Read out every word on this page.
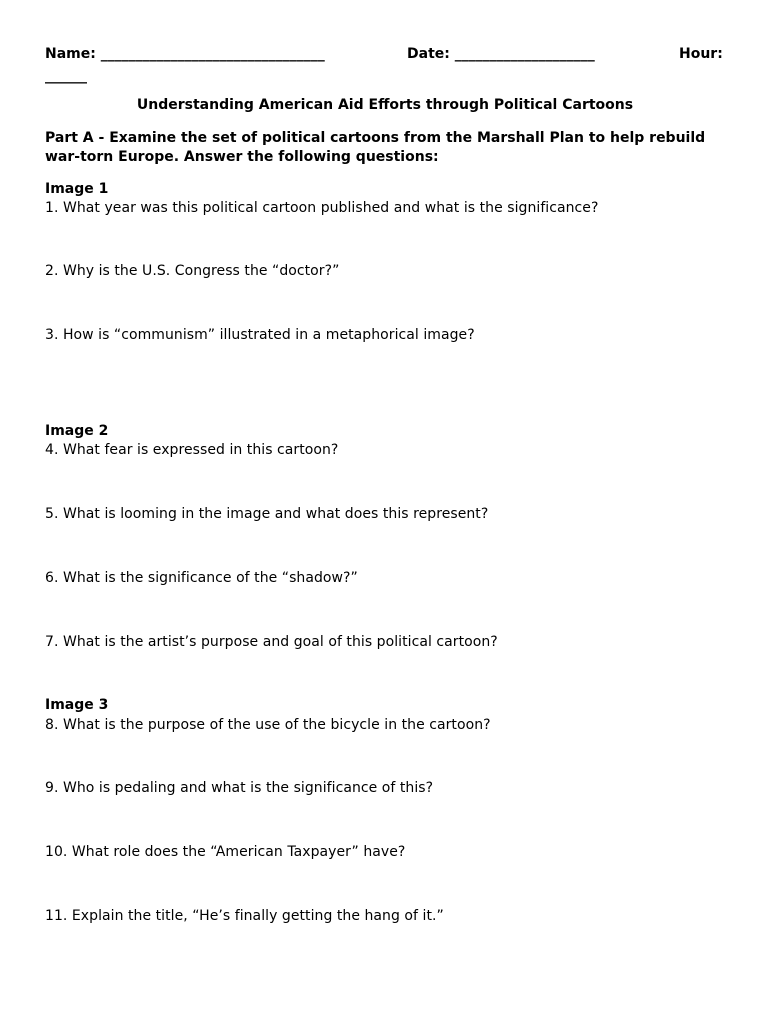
Name: ________________________________	Date: ____________________	Hour:
______
Understanding American Aid Efforts through Political Cartoons
Part A - Examine the set of political cartoons from the Marshall Plan to help rebuild war-torn Europe. Answer the following questions:
Image 1
1. What year was this political cartoon published and what is the significance?
2. Why is the U.S. Congress the “doctor?”
3. How is “communism” illustrated in a metaphorical image?
Image 2
4. What fear is expressed in this cartoon?
5. What is looming in the image and what does this represent?
6. What is the significance of the “shadow?”
7. What is the artist’s purpose and goal of this political cartoon?
Image 3
8. What is the purpose of the use of the bicycle in the cartoon?
9. Who is pedaling and what is the significance of this?
10. What role does the “American Taxpayer” have?
11. Explain the title, “He’s finally getting the hang of it.”
